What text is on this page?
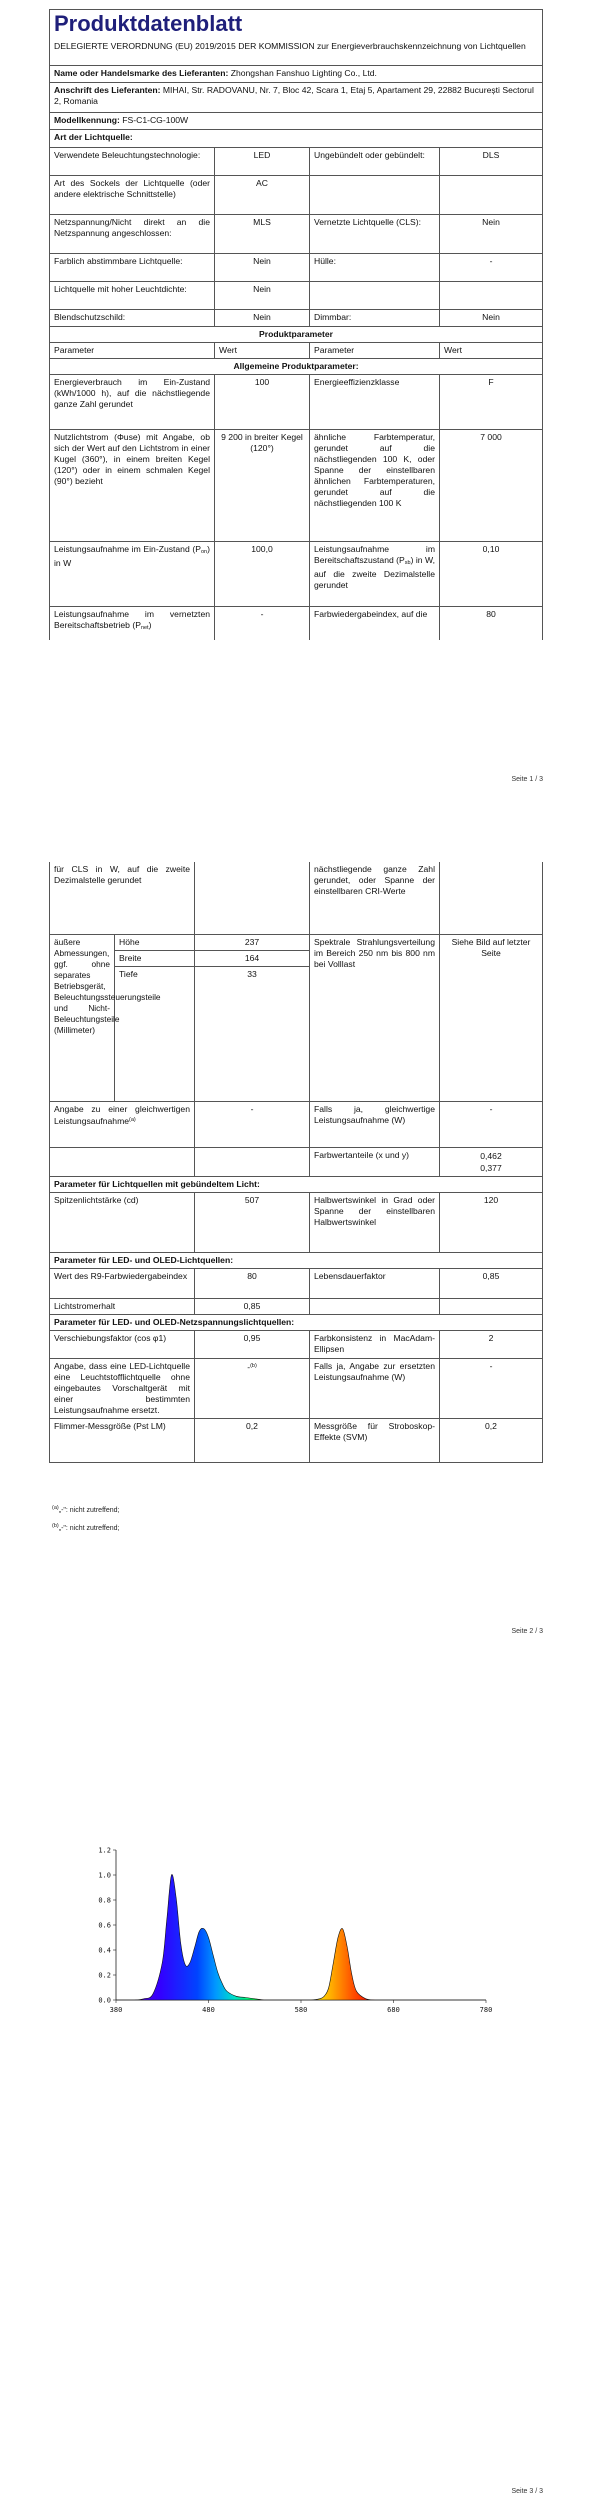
Produktdatenblatt			
DELEGIERTE VERORDNUNG (EU) 2019/2015 DER KOMMISSION zur Energieverbrauchskennzeichnung von Lichtquellen			
Name oder Handelsmarke des Lieferanten: Zhongshan Fanshuo Lighting Co., Ltd.			
Anschrift des Lieferanten: MIHAI, Str. RADOVANU, Nr. 7, Bloc 42, Scara 1, Etaj 5, Apartament 29, 22882 București Sectorul 2, Romania			
Modellkennung: FS-C1-CG-100W			
Art der Lichtquelle:			
Verwendete Beleuchtungstechnologie:	LED	Ungebündelt oder gebündelt:	DLS
Art des Sockels der Lichtquelle (oder andere elektrische Schnittstelle)	AC		
Netzspannung/Nicht direkt an die Netzspannung angeschlossen:	MLS	Vernetzte Lichtquelle (CLS):	Nein
Farblich abstimmbare Lichtquelle:	Nein	Hülle:	-
Lichtquelle mit hoher Leuchtdichte:	Nein		
Blendschutzschild:	Nein	Dimmbar:	Nein
Produktparameter			
Parameter	Wert	Parameter	Wert
Allgemeine Produktparameter:			
Energieverbrauch im Ein-Zustand (kWh/1000 h), auf die nächstliegende ganze Zahl gerundet	100	Energieeffizienzklasse	F
Nutzlichtstrom (Φuse) mit Angabe, ob sich der Wert auf den Lichtstrom in einer Kugel (360°), in einem breiten Kegel (120°) oder in einem schmalen Kegel (90°) bezieht	9 200 in breiter Kegel (120°)	ähnliche Farbtemperatur, gerundet auf die nächstliegenden 100 K, oder Spanne der einstellbaren ähnlichen Farbtemperaturen, gerundet auf die nächstliegenden 100 K	7 000
Leistungsaufnahme im Ein-Zustand (Pon) in W	100,0	Leistungsaufnahme im Bereitschaftszustand (Psb) in W, auf die zweite Dezimalstelle gerundet	0,10
Leistungsaufnahme im vernetzten Bereitschaftsbetrieb (Pnet)	-	Farbwiedergabeindex, auf die	80
Seite 1 / 3
für CLS in W, auf die zweite Dezimalstelle gerundet			nächstliegende ganze Zahl gerundet, oder Spanne der einstellbaren CRI-Werte	
äußere Abmessungen, ggf. ohne separates Betriebsgerät, Beleuchtungssteuerungsteile und Nicht-Beleuchtungsteile (Millimeter)	Höhe	237	Spektrale Strahlungsverteilung im Bereich 250 nm bis 800 nm bei Volllast	Siehe Bild auf letzter Seite
	Breite	164		
	Tiefe	33		

Angabe zu einer gleichwertigen Leistungsaufnahme$^{(a)}$		-	Falls ja, gleichwertige Leistungsaufnahme (W)	-
			Farbwertanteile (x und y)	0,462
0,377

Parameter für Lichtquellen mit gebündeltem Licht:				
Spitzenlichtstärke (cd)		507	Halbwertswinkel in Grad oder Spanne der einstellbaren Halbwertswinkel	120
Parameter für LED- und OLED-Lichtquellen:				
Wert des R9-Farbwiedergabeindex		80	Lebensdauerfaktor	0,85
Lichtstromerhalt		0,85		
Parameter für LED- und OLED-Netzspannungslichtquellen:				
Verschiebungsfaktor (cos φ1)		0,95	Farbkonsistenz in MacAdam-Ellipsen	2
Angabe, dass eine LED-Lichtquelle eine Leuchtstofflichtquelle ohne eingebautes Vorschaltgerät mit einer bestimmten Leistungsaufnahme ersetzt.		-$^{(b)}$	Falls ja, Angabe zur ersetzten Leistungsaufnahme (W)	-
Flimmer-Messgröße (Pst LM)		0,2	Messgröße für Stroboskop-Effekte (SVM)	0,2
$^{(a)}$„-": nicht zutreffend;
$^{(b)}$„-": nicht zutreffend;
Seite 2 / 3
Seite 3 / 3
380	480	580	680	780
0.0
0.2
0.4
0.6
0.8
1.0
1.2
